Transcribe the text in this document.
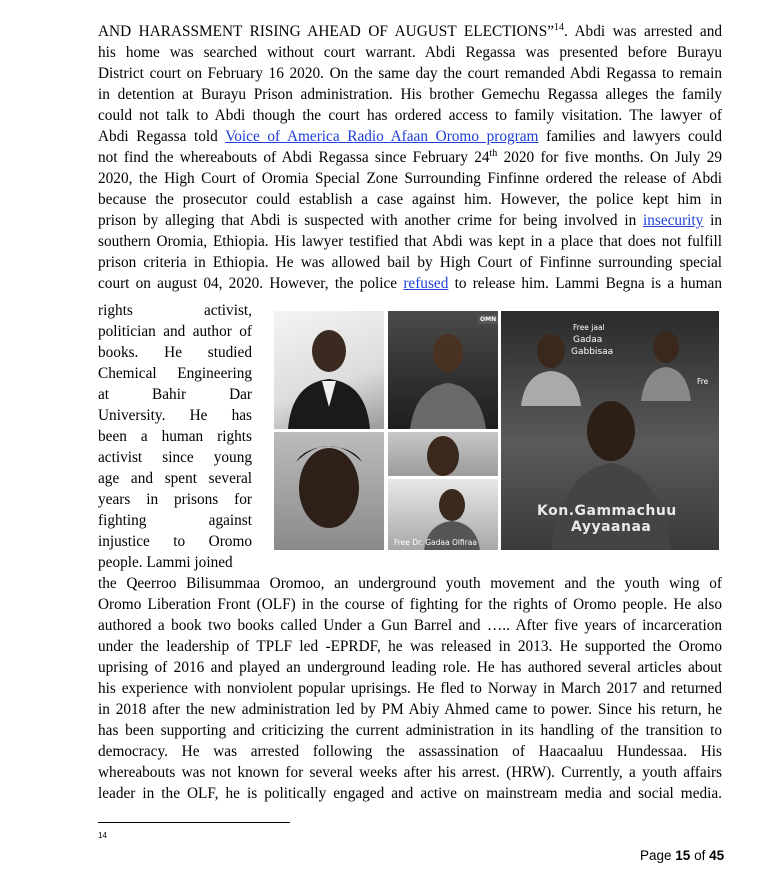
AND HARASSMENT RISING AHEAD OF AUGUST ELECTIONS”$^{14}$. Abdi was arrested and
his home was searched without court warrant. Abdi Regassa was presented before Burayu
District court on February 16 2020. On the same day the court remanded Abdi Regassa to remain
in detention at Burayu Prison administration. His brother Gemechu Regassa alleges the family
could not talk to Abdi though the court has ordered access to family visitation. The lawyer of
Abdi Regassa told Voice of America Radio Afaan Oromo program families and lawyers could
not find the whereabouts of Abdi Regassa since February 24th 2020 for five months. On July 29
2020, the High Court of Oromia Special Zone Surrounding Finfinne ordered the release of Abdi
because the prosecutor could establish a case against him. However, the police kept him in
prison by alleging that Abdi is suspected with another crime for being involved in insecurity in
southern Oromia, Ethiopia. His lawyer testified that Abdi was kept in a place that does not fulfill
prison criteria in Ethiopia. He was allowed bail by High Court of Finfinne surrounding special
court on august 04, 2020. However, the police refused to release him. Lammi Begna is a human
rights activist,
politician and author of
books. He studied
Chemical Engineering
at Bahir Dar
University. He has
been a human rights
activist since young
age and spent several
years in prisons for
fighting against
injustice to Oromo
people. Lammi joined
OMN
Free Dr. Gadaa Olfiraa
Free jaal
Gadaa
Gabbisaa
Fre
Kon.Gammachuu
Ayyaanaa
the Qeerroo Bilisummaa Oromoo, an underground youth movement and the youth wing of
Oromo Liberation Front (OLF) in the course of fighting for the rights of Oromo people. He also
authored a book two books called Under a Gun Barrel and ….. After five years of incarceration
under the leadership of TPLF led -EPRDF, he was released in 2013. He supported the Oromo
uprising of 2016 and played an underground leading role. He has authored several articles about
his experience with nonviolent popular uprisings. He fled to Norway in March 2017 and returned
in 2018 after the new administration led by PM Abiy Ahmed came to power. Since his return, he
has been supporting and criticizing the current administration in its handling of the transition to
democracy. He was arrested following the assassination of Haacaaluu Hundessaa. His
whereabouts was not known for several weeks after his arrest. (HRW). Currently, a youth affairs
leader in the OLF, he is politically engaged and active on mainstream media and social media.
14
Page 15 of 45
